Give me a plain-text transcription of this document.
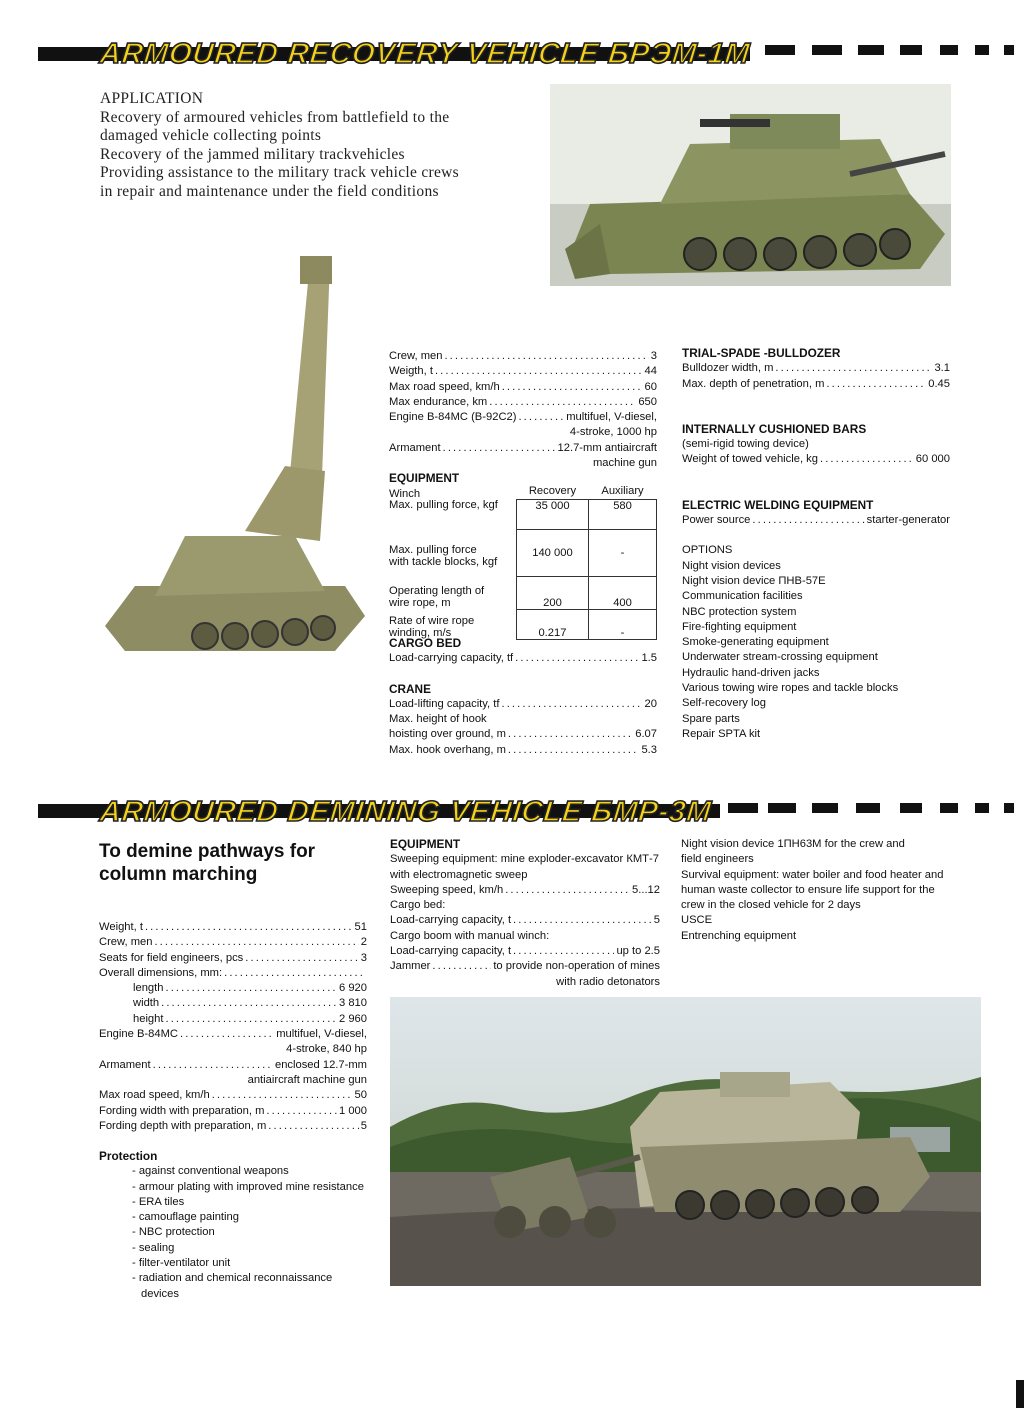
ARMOURED RECOVERY VEHICLE БРЭМ-1М
APPLICATION
Recovery of armoured vehicles from battlefield to the
damaged vehicle collecting points
Recovery of the jammed military trackvehicles
Providing assistance to the military track vehicle crews
in repair and maintenance under the field conditions
Crew, men . . .	3
Weigth, t . . .	44
Max road speed, km/h . . .	60
Max endurance, km . . .	650
Engine В-84МС (В-92С2) . . .	multifuel, V-diesel,
4-stroke, 1000 hp
Armament . . .	12.7-mm antiaircraft
machine gun
EQUIPMENT
Winch
		Recovery	Auxiliary
Max. pulling force, kgf	35 000	580

Max. pulling force
with tackle blocks, kgf	140 000	-

Operating length of
wire rope, m	200	400

Rate of wire rope
winding, m/s	0.217	-
CARGO BED
Load-carrying capacity, tf . . .	1.5
CRANE
Load-lifting capacity, tf . . .	20
Max. height of hook
hoisting over ground, m . . .	6.07
Max. hook overhang, m . . .	5.3
TRIAL-SPADE -BULLDOZER
Bulldozer width, m . . .	3.1
Max. depth of penetration, m . . .	0.45
INTERNALLY CUSHIONED BARS
(semi-rigid towing device)
Weight of towed vehicle, kg . . .	60 000
ELECTRIC WELDING EQUIPMENT
Power source . . .	starter-generator
OPTIONS
Night vision devices
Night vision device ПНВ-57Е
Communication facilities
NBC protection system
Fire-fighting equipment
Smoke-generating equipment
Underwater stream-crossing equipment
Hydraulic hand-driven jacks
Various towing wire ropes and tackle blocks
Self-recovery log
Spare parts
Repair SPTA kit
ARMOURED DEMINING VEHICLE БМР-3М
To demine pathways for
column marching
Weight, t . . .	51
Crew, men . . .	2
Seats for field engineers, pcs . . .	3
Overall dimensions, mm:
. . .
length . . .	6 920
width . . .	3 810
height . . .	2 960
Engine В-84МС . . .	multifuel, V-diesel,
4-stroke, 840 hp
Armament . . .	enclosed 12.7-mm
antiaircraft machine gun
Max road speed, km/h . . .	50
Fording width with preparation, m . . .	1 000
Fording depth with preparation, m . . .	5
Protection
- against conventional weapons
- armour plating with improved mine resistance
- ERA tiles
- camouflage painting
- NBC protection
- sealing
- filter-ventilator unit
- radiation and chemical reconnaissance
devices
EQUIPMENT
Sweeping equipment: mine exploder-excavator КМТ-7
with electromagnetic sweep
Sweeping speed, km/h . . .	5...12
Cargo bed:
Load-carrying capacity, t . . .	5
Cargo boom with manual winch:
Load-carrying capacity, t . . .	up to 2.5
Jammer . . .	to provide non-operation of mines
with radio detonators
Night vision device 1ПН63М for the crew and
field engineers
Survival equipment: water boiler and food heater and
human waste collector to ensure life support for the
crew in the closed vehicle for 2 days
USCE
Entrenching equipment
